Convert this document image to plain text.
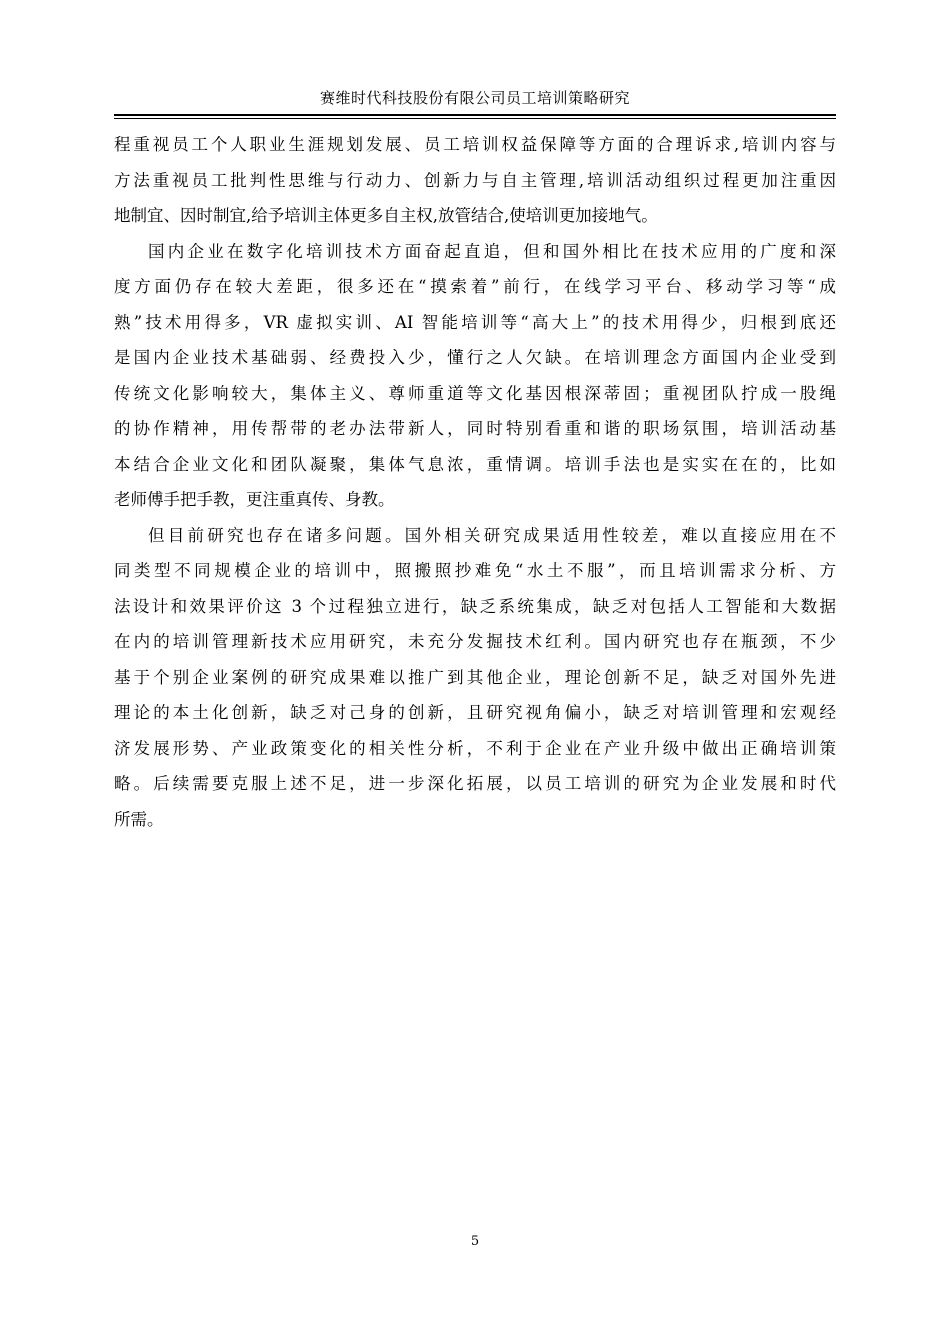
赛维时代科技股份有限公司员工培训策略研究
程重视员工个人职业生涯规划发展、员工培训权益保障等方面的合理诉求,培训内容与
方法重视员工批判性思维与行动力、创新力与自主管理,培训活动组织过程更加注重因
地制宜、因时制宜,给予培训主体更多自主权,放管结合,使培训更加接地气。
国内企业在数字化培训技术方面奋起直追，但和国外相比在技术应用的广度和深
度方面仍存在较大差距，很多还在“摸索着”前行，在线学习平台、移动学习等“成
熟”技术用得多，VR 虚拟实训、AI 智能培训等“高大上”的技术用得少，归根到底还
是国内企业技术基础弱、经费投入少，懂行之人欠缺。在培训理念方面国内企业受到
传统文化影响较大，集体主义、尊师重道等文化基因根深蒂固；重视团队拧成一股绳
的协作精神，用传帮带的老办法带新人，同时特别看重和谐的职场氛围，培训活动基
本结合企业文化和团队凝聚，集体气息浓，重情调。培训手法也是实实在在的，比如
老师傅手把手教，更注重真传、身教。
但目前研究也存在诸多问题。国外相关研究成果适用性较差，难以直接应用在不
同类型不同规模企业的培训中，照搬照抄难免“水土不服”，而且培训需求分析、方
法设计和效果评价这 3 个过程独立进行，缺乏系统集成，缺乏对包括人工智能和大数据
在内的培训管理新技术应用研究，未充分发掘技术红利。国内研究也存在瓶颈，不少
基于个别企业案例的研究成果难以推广到其他企业，理论创新不足，缺乏对国外先进
理论的本土化创新，缺乏对己身的创新，且研究视角偏小，缺乏对培训管理和宏观经
济发展形势、产业政策变化的相关性分析，不利于企业在产业升级中做出正确培训策
略。后续需要克服上述不足，进一步深化拓展，以员工培训的研究为企业发展和时代
所需。
5
